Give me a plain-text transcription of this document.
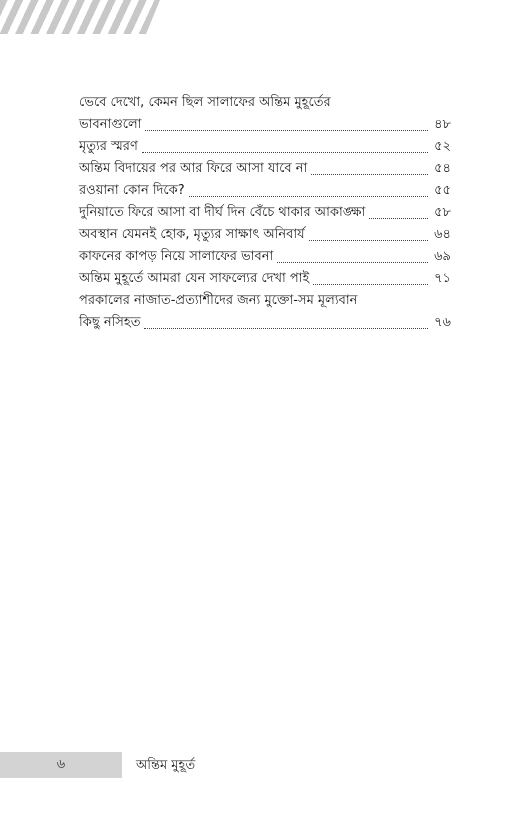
ভেবে দেখো, কেমন ছিল সালাফের অন্তিম মুহূর্তের
ভাবনাগুলো	৪৮
মৃত্যুর স্মরণ	৫২
অন্তিম বিদায়ের পর আর ফিরে আসা যাবে না	৫৪
রওয়ানা কোন দিকে?	৫৫
দুনিয়াতে ফিরে আসা বা দীর্ঘ দিন বেঁচে থাকার আকাঙ্ক্ষা	৫৮
অবস্থান যেমনই হোক, মৃত্যুর সাক্ষাৎ অনিবার্য	৬৪
কাফনের কাপড় নিয়ে সালাফের ভাবনা	৬৯
অন্তিম মুহূর্তে আমরা যেন সাফল্যের দেখা পাই	৭১
পরকালের নাজাত-প্রত্যাশীদের জন্য মুক্তো-সম মূল্যবান
কিছু নসিহত	৭৬
৬	অন্তিম মুহূর্ত
